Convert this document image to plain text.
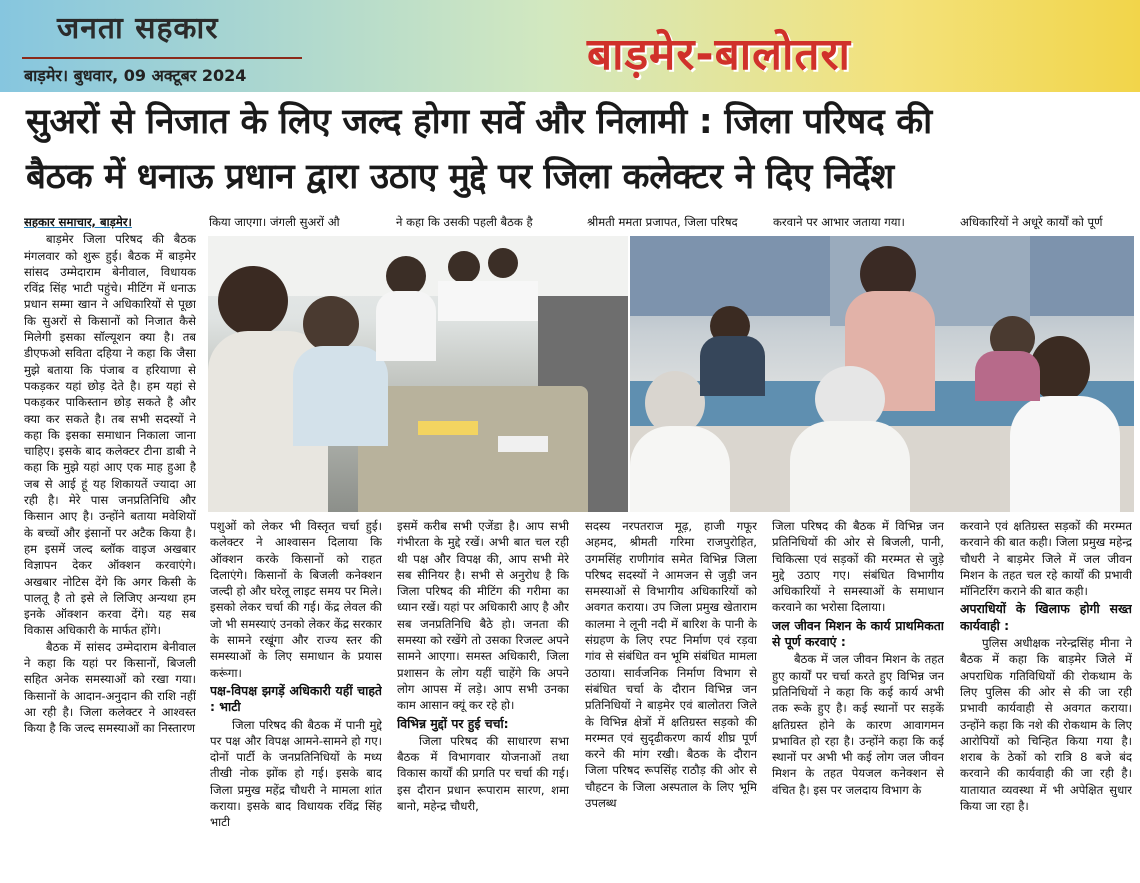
जनता सहकार
बाड़मेर। बुधवार, 09 अक्टूबर 2024	बाड़मेर-बालोतरा
सुअरों से निजात के लिए जल्द होगा सर्वे और निलामी : जिला परिषद की
बैठक में धनाऊ प्रधान द्वारा उठाए मुद्दे पर जिला कलेक्टर ने दिए निर्देश
सहकार समाचार, बाड़मेर।
बाड़मेर जिला परिषद की बैठक मंगलवार को शुरू हुई। बैठक में बाड़मेर सांसद उम्मेदाराम बेनीवाल, विधायक रविंद्र सिंह भाटी पहुंचे। मीटिंग में धनाऊ प्रधान सम्मा खान ने अधिकारियों से पूछा कि सुअरों से किसानों को निजात कैसे मिलेगी इसका सॉल्यूशन क्या है। तब डीएफओ सविता दहिया ने कहा कि जैसा मुझे बताया कि पंजाब व हरियाणा से पकड़कर यहां छोड़ देते है। हम यहां से पकड़कर पाकिस्तान छोड़ सकते है और क्या कर सकते है। तब सभी सदस्यों ने कहा कि इसका समाधान निकाला जाना चाहिए। इसके बाद कलेक्टर टीना डाबी ने कहा कि मुझे यहां आए एक माह हुआ है जब से आई हूं यह शिकायतें ज्यादा आ रही है। मेरे पास जनप्रतिनिधि और किसान आए है। उन्होंने बताया मवेशियों के बच्चों और इंसानों पर अटैक किया है। हम इसमें जल्द ब्लॉक वाइज अखबार विज्ञापन देकर ऑक्शन करवाएंगे। अखबार नोटिस देंगे कि अगर किसी के पालतू है तो इसे ले लिजिए अन्यथा हम इनके ऑक्शन करवा देंगे। यह सब विकास अधिकारी के मार्फत होंगे।
बैठक में सांसद उम्मेदाराम बेनीवाल ने कहा कि यहां पर किसानों, बिजली सहित अनेक समस्याओं को रखा गया। किसानों के आदान-अनुदान की राशि नहीं आ रही है। जिला कलेक्टर ने आश्वस्त किया है कि जल्द समस्याओं का निस्तारण
किया जाएगा। जंगली सुअरों औ	ने कहा कि उसकी पहली बैठक है	श्रीमती ममता प्रजापत, जिला परिषद	करवाने पर आभार जताया गया।	अधिकारियों ने अधूरे कार्यों को पूर्ण
पशुओं को लेकर भी विस्तृत चर्चा हुई। कलेक्टर ने आश्वासन दिलाया कि ऑक्शन करके किसानों को राहत दिलाएंगे। किसानों के बिजली कनेक्शन जल्दी हो और घरेलू लाइट समय पर मिले। इसको लेकर चर्चा की गई। केंद्र लेवल की जो भी समस्याएं उनको लेकर केंद्र सरकार के सामने रखूंगा और राज्य स्तर की समस्याओं के लिए समाधान के प्रयास करूंगा।
पक्ष-विपक्ष झगड़ें अधिकारी यहीं चाहते : भाटी
जिला परिषद की बैठक में पानी मुद्दे पर पक्ष और विपक्ष आमने-सामने हो गए। दोनों पार्टी के जनप्रतिनिधियों के मध्य तीखी नोक झोंक हो गई। इसके बाद जिला प्रमुख महेंद्र चौधरी ने मामला शांत कराया। इसके बाद विधायक रविंद्र सिंह भाटी
इसमें करीब सभी एजेंडा है। आप सभी गंभीरता के मुद्दे रखें। अभी बात चल रही थी पक्ष और विपक्ष की, आप सभी मेरे सब सीनियर है। सभी से अनुरोध है कि जिला परिषद की मीटिंग की गरीमा का ध्यान रखें। यहां पर अधिकारी आए है और सब जनप्रतिनिधि बैठे हो। जनता की समस्या को रखेंगे तो उसका रिजल्ट अपने सामने आएगा। समस्त अधिकारी, जिला प्रशासन के लोग यहीं चाहेंगे कि अपने लोग आपस में लड़े। आप सभी उनका काम आसान क्यूं कर रहे हो।
विभिन्न मुद्दों पर हुई चर्चा:
जिला परिषद की साधारण सभा बैठक में विभागवार योजनाओं तथा विकास कार्यों की प्रगति पर चर्चा की गई। इस दौरान प्रधान रूपाराम सारण, शमा बानो, महेन्द्र चौधरी,
सदस्य नरपतराज मूढ़, हाजी गफूर अहमद, श्रीमती गरिमा राजपुरोहित, उगमसिंह राणीगांव समेत विभिन्न जिला परिषद सदस्यों ने आमजन से जुड़ी जन समस्याओं से विभागीय अधिकारियों को अवगत कराया। उप जिला प्रमुख खेताराम कालमा ने लूनी नदी में बारिश के पानी के संग्रहण के लिए रपट निर्माण एवं रड़वा गांव से संबंधित वन भूमि संबंधित मामला उठाया। सार्वजनिक निर्माण विभाग से संबंधित चर्चा के दौरान विभिन्न जन प्रतिनिधियों ने बाड़मेर एवं बालोतरा जिले के विभिन्न क्षेत्रों में क्षतिग्रस्त सड़को की मरम्मत एवं सुदृढीकरण कार्य शीघ्र पूर्ण करने की मांग रखी। बैठक के दौरान जिला परिषद रूपसिंह राठौड़ की ओर से चौहटन के जिला अस्पताल के लिए भूमि उपलब्ध
जिला परिषद की बैठक में विभिन्न जन प्रतिनिधियों की ओर से बिजली, पानी, चिकित्सा एवं सड़कों की मरम्मत से जुड़े मुद्दे उठाए गए। संबंधित विभागीय अधिकारियों ने समस्याओं के समाधान करवाने का भरोसा दिलाया।
जल जीवन मिशन के कार्य प्राथमिकता से पूर्ण करवाएं :
बैठक में जल जीवन मिशन के तहत हुए कार्यों पर चर्चा करते हुए विभिन्न जन प्रतिनिधियों ने कहा कि कई कार्य अभी तक रूके हुए है। कई स्थानों पर सड़कें क्षतिग्रस्त होने के कारण आवागमन प्रभावित हो रहा है। उन्होंने कहा कि कई स्थानों पर अभी भी कई लोग जल जीवन मिशन के तहत पेयजल कनेक्शन से वंचित है। इस पर जलदाय विभाग के
करवाने एवं क्षतिग्रस्त सड़कों की मरम्मत करवाने की बात कही। जिला प्रमुख महेन्द्र चौधरी ने बाड़मेर जिले में जल जीवन मिशन के तहत चल रहे कार्यों की प्रभावी मॉनिटरिंग कराने की बात कही।
अपराधियों के खिलाफ होगी सख्त कार्यवाही :
पुलिस अधीक्षक नरेन्द्रसिंह मीना ने बैठक में कहा कि बाड़मेर जिले में अपराधिक गतिविधियों की रोकथाम के लिए पुलिस की ओर से की जा रही प्रभावी कार्यवाही से अवगत कराया। उन्होंने कहा कि नशे की रोकथाम के लिए आरोपियों को चिन्हित किया गया है। शराब के ठेकों को रात्रि 8 बजे बंद करवाने की कार्यवाही की जा रही है। यातायात व्यवस्था में भी अपेक्षित सुधार किया जा रहा है।
